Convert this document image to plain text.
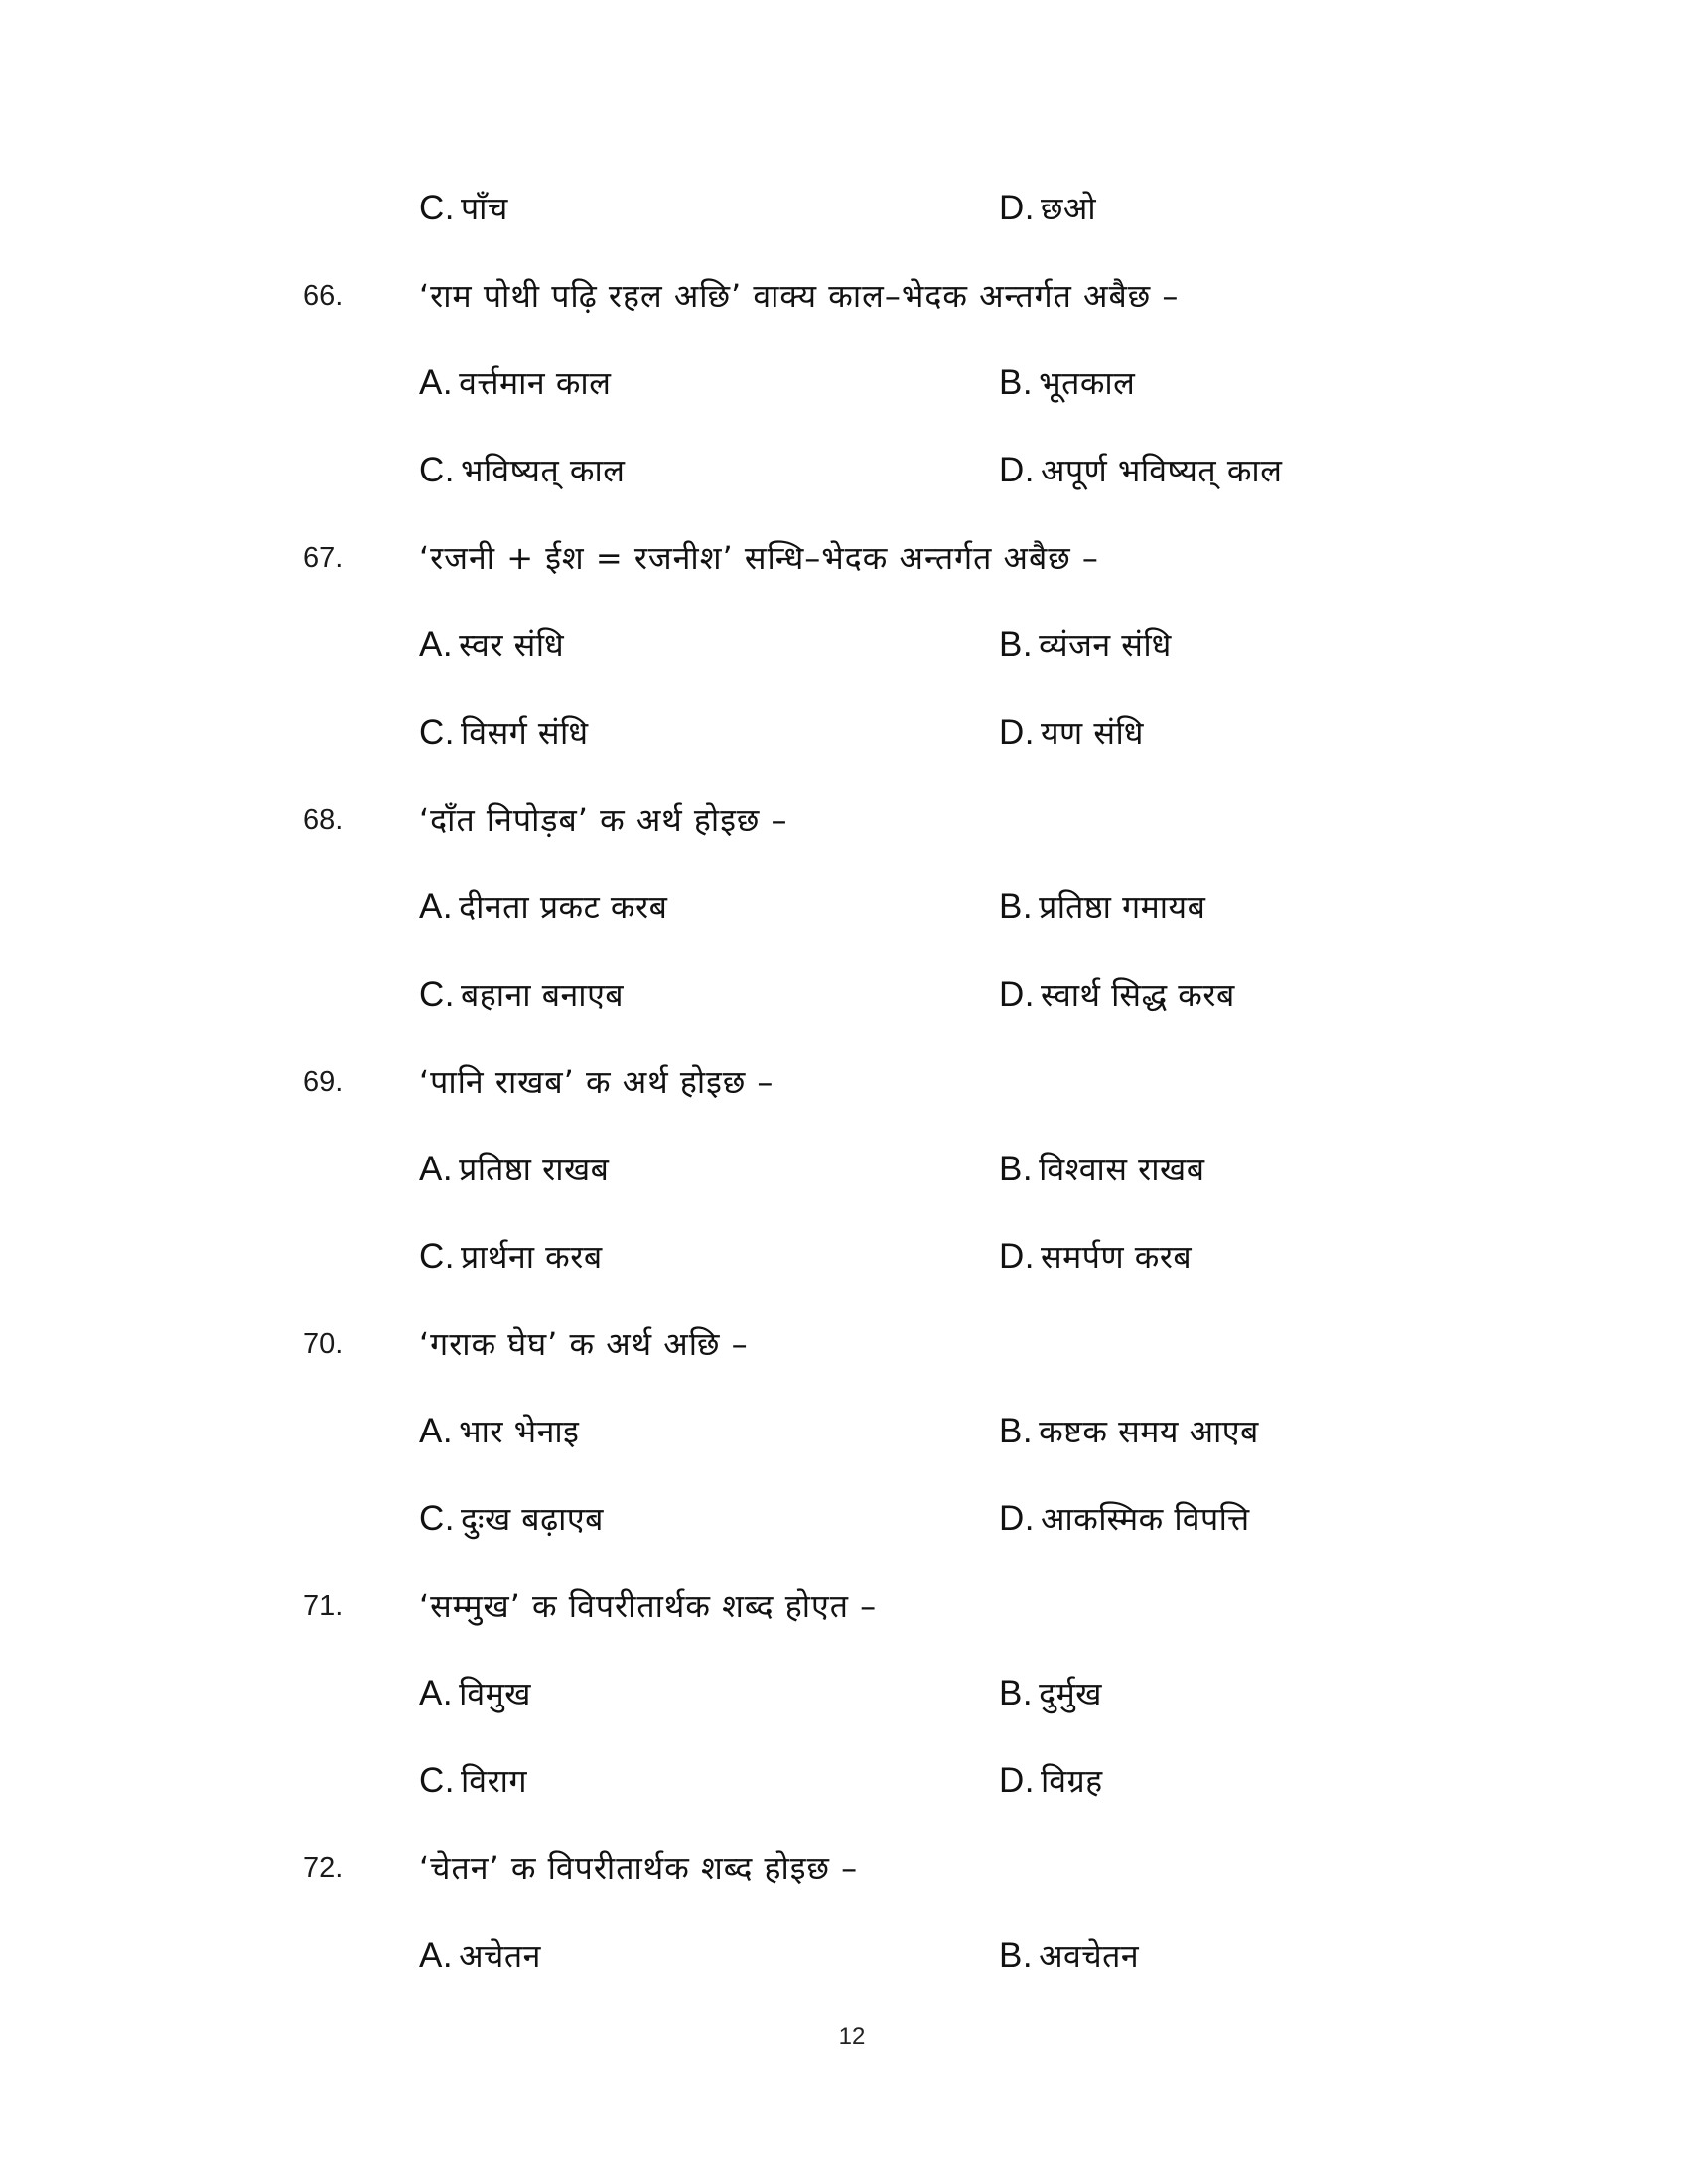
C. पाँच	D. छओ
66. ‘राम पोथी पढ़ि रहल अछि’ वाक्य काल–भेदक अन्तर्गत अबैछ –
A. वर्त्तमान काल	B. भूतकाल
C. भविष्यत् काल	D. अपूर्ण भविष्यत् काल
67. ‘रजनी + ईश = रजनीश’ सन्धि–भेदक अन्तर्गत अबैछ –
A. स्वर संधि	B. व्यंजन संधि
C. विसर्ग संधि	D. यण संधि
68. ‘दाँत निपोड़ब’ क अर्थ होइछ –
A. दीनता प्रकट करब	B. प्रतिष्ठा गमायब
C. बहाना बनाएब	D. स्वार्थ सिद्ध करब
69. ‘पानि राखब’ क अर्थ होइछ –
A. प्रतिष्ठा राखब	B. विश्वास राखब
C. प्रार्थना करब	D. समर्पण करब
70. ‘गराक घेघ’ क अर्थ अछि –
A. भार भेनाइ	B. कष्टक समय आएब
C. दुःख बढ़ाएब	D. आकस्मिक विपत्ति
71. ‘सम्मुख’ क विपरीतार्थक शब्द होएत –
A. विमुख	B. दुर्मुख
C. विराग	D. विग्रह
72. ‘चेतन’ क विपरीतार्थक शब्द होइछ –
A. अचेतन	B. अवचेतन
12
